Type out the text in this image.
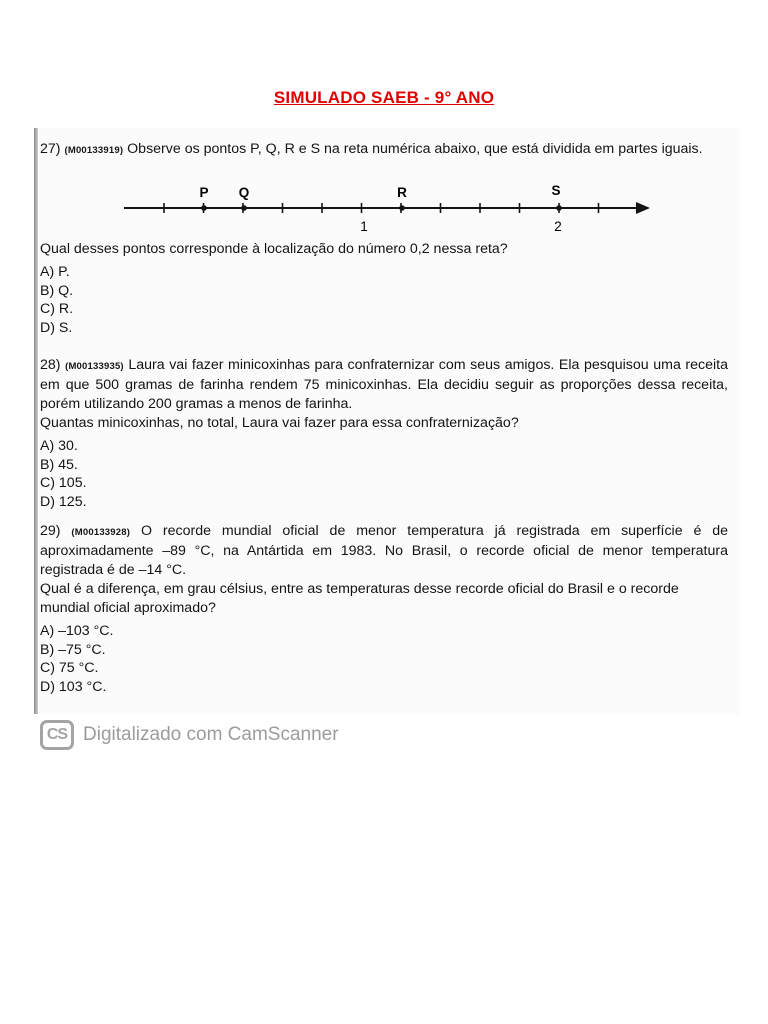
SIMULADO SAEB - 9° ANO

27) (M00133919) Observe os pontos P, Q, R e S na reta numérica abaixo, que está dividida em partes iguais.

P Q	R	S
1	2

Qual desses pontos corresponde à localização do número 0,2 nessa reta?

A) P.
B) Q.
C) R.
D) S.

28) (M00133935) Laura vai fazer minicoxinhas para confraternizar com seus amigos. Ela pesquisou uma receita em que 500 gramas de farinha rendem 75 minicoxinhas. Ela decidiu seguir as proporções dessa receita, porém utilizando 200 gramas a menos de farinha.

Quantas minicoxinhas, no total, Laura vai fazer para essa confraternização?

A) 30.
B) 45.
C) 105.
D) 125.

29) (M00133928) O recorde mundial oficial de menor temperatura já registrada em superfície é de aproximadamente –89 °C, na Antártida em 1983. No Brasil, o recorde oficial de menor temperatura registrada é de –14 °C.

Qual é a diferença, em grau célsius, entre as temperaturas desse recorde oficial do Brasil e o recorde mundial oficial aproximado?

A) –103 °C.
B) –75 °C.
C) 75 °C.
D) 103 °C.
CS Digitalizado com CamScanner
